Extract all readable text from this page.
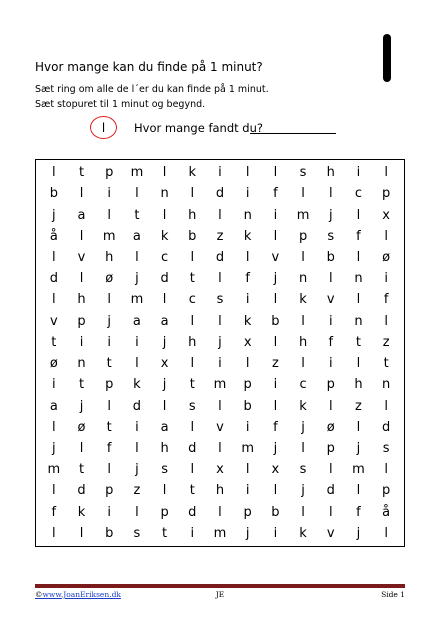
Hvor mange kan du finde på 1 minut?
Sæt ring om alle de l´er du kan finde på 1 minut.
Sæt stopuret til 1 minut og begynd.
l	Hvor mange fandt du?
l	t	p	m	l	k	i	l	l	s	h	i	l
b	l	i	l	n	l	d	i	f	l	l	c	p
j	a	l	t	l	h	l	n	i	m	j	l	x
å	l	m	a	k	b	z	k	l	p	s	f	l
l	v	h	l	c	l	d	l	v	l	b	l	ø
d	l	ø	j	d	t	l	f	j	n	l	n	i
l	h	l	m	l	c	s	i	l	k	v	l	f
v	p	j	a	a	l	l	k	b	l	i	n	l
t	i	i	i	j	h	j	x	l	h	f	t	z
ø	n	t	l	x	l	i	l	z	l	i	l	t
i	t	p	k	j	t	m	p	i	c	p	h	n
a	j	l	d	l	s	l	b	l	k	l	z	l
l	ø	t	i	a	l	v	i	f	j	ø	l	d
j	l	f	l	h	d	l	m	j	l	p	j	s
m	t	l	j	s	l	x	l	x	s	l	m	l
l	d	p	z	l	t	h	i	l	j	d	l	p
f	k	i	l	p	d	l	p	b	l	l	f	å
l	l	b	s	t	i	m	j	i	k	v	j	l
©www.JoanEriksen.dk	JE	Side 1
